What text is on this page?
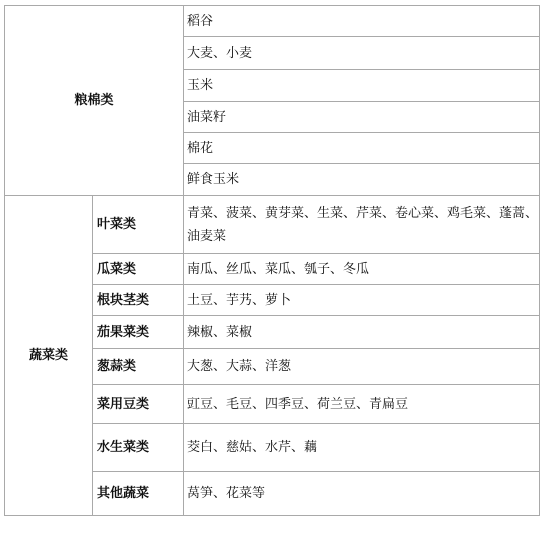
粮棉类		稻谷
		大麦、小麦
		玉米
		油菜籽
		棉花
		鲜食玉米
蔬菜类	叶菜类	青菜、菠菜、黄芽菜、生菜、芹菜、卷心菜、鸡毛菜、蓬蒿、油麦菜
	瓜菜类	南瓜、丝瓜、菜瓜、瓠子、冬瓜
	根块茎类	土豆、芋艿、萝卜
	茄果菜类	辣椒、菜椒
	葱蒜类	大葱、大蒜、洋葱
	菜用豆类	豇豆、毛豆、四季豆、荷兰豆、青扁豆
	水生菜类	茭白、慈姑、水芹、藕
	其他蔬菜	莴笋、花菜等
